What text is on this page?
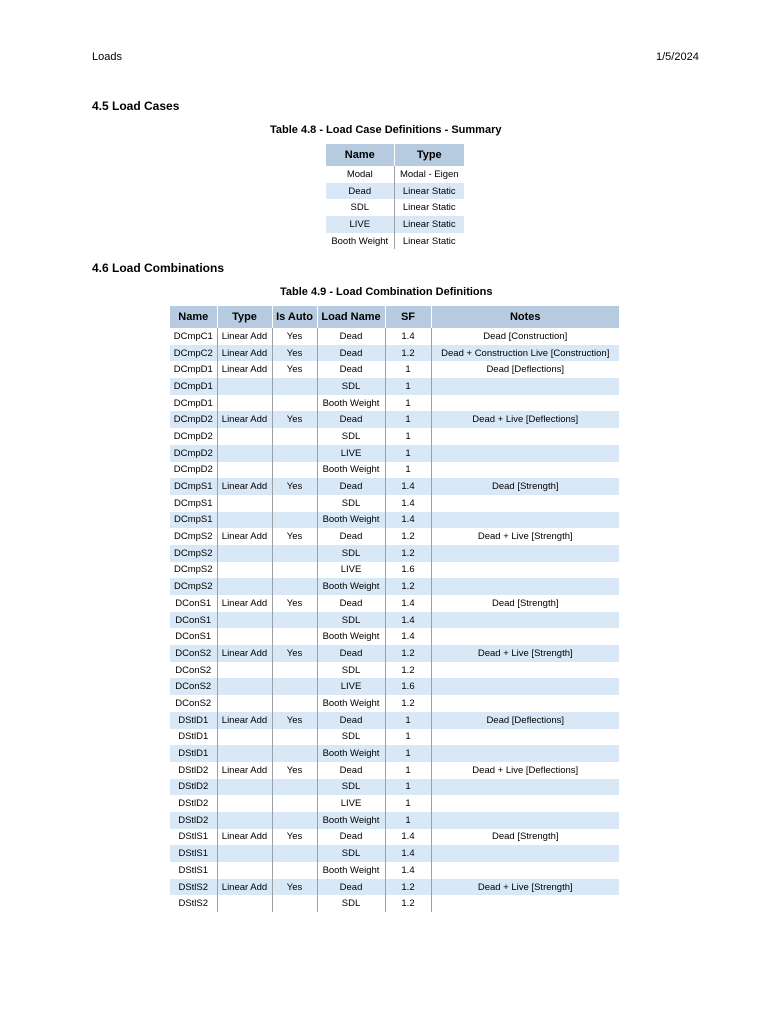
Loads	1/5/2024
4.5 Load Cases
Table 4.8 - Load Case Definitions - Summary
Name	Type
Modal	Modal - Eigen
Dead	Linear Static
SDL	Linear Static
LIVE	Linear Static
Booth Weight	Linear Static
4.6 Load Combinations
Table 4.9 - Load Combination Definitions
Name	Type	Is Auto	Load Name	SF	Notes
DCmpC1	Linear Add	Yes	Dead	1.4	Dead [Construction]
DCmpC2	Linear Add	Yes	Dead	1.2	Dead + Construction Live [Construction]
DCmpD1	Linear Add	Yes	Dead	1	Dead [Deflections]
DCmpD1			SDL	1	
DCmpD1			Booth Weight	1	
DCmpD2	Linear Add	Yes	Dead	1	Dead + Live [Deflections]
DCmpD2			SDL	1	
DCmpD2			LIVE	1	
DCmpD2			Booth Weight	1	
DCmpS1	Linear Add	Yes	Dead	1.4	Dead [Strength]
DCmpS1			SDL	1.4	
DCmpS1			Booth Weight	1.4	
DCmpS2	Linear Add	Yes	Dead	1.2	Dead + Live [Strength]
DCmpS2			SDL	1.2	
DCmpS2			LIVE	1.6	
DCmpS2			Booth Weight	1.2	
DConS1	Linear Add	Yes	Dead	1.4	Dead [Strength]
DConS1			SDL	1.4	
DConS1			Booth Weight	1.4	
DConS2	Linear Add	Yes	Dead	1.2	Dead + Live [Strength]
DConS2			SDL	1.2	
DConS2			LIVE	1.6	
DConS2			Booth Weight	1.2	
DStlD1	Linear Add	Yes	Dead	1	Dead [Deflections]
DStlD1			SDL	1	
DStlD1			Booth Weight	1	
DStlD2	Linear Add	Yes	Dead	1	Dead + Live [Deflections]
DStlD2			SDL	1	
DStlD2			LIVE	1	
DStlD2			Booth Weight	1	
DStlS1	Linear Add	Yes	Dead	1.4	Dead [Strength]
DStlS1			SDL	1.4	
DStlS1			Booth Weight	1.4	
DStlS2	Linear Add	Yes	Dead	1.2	Dead + Live [Strength]
DStlS2			SDL	1.2	
